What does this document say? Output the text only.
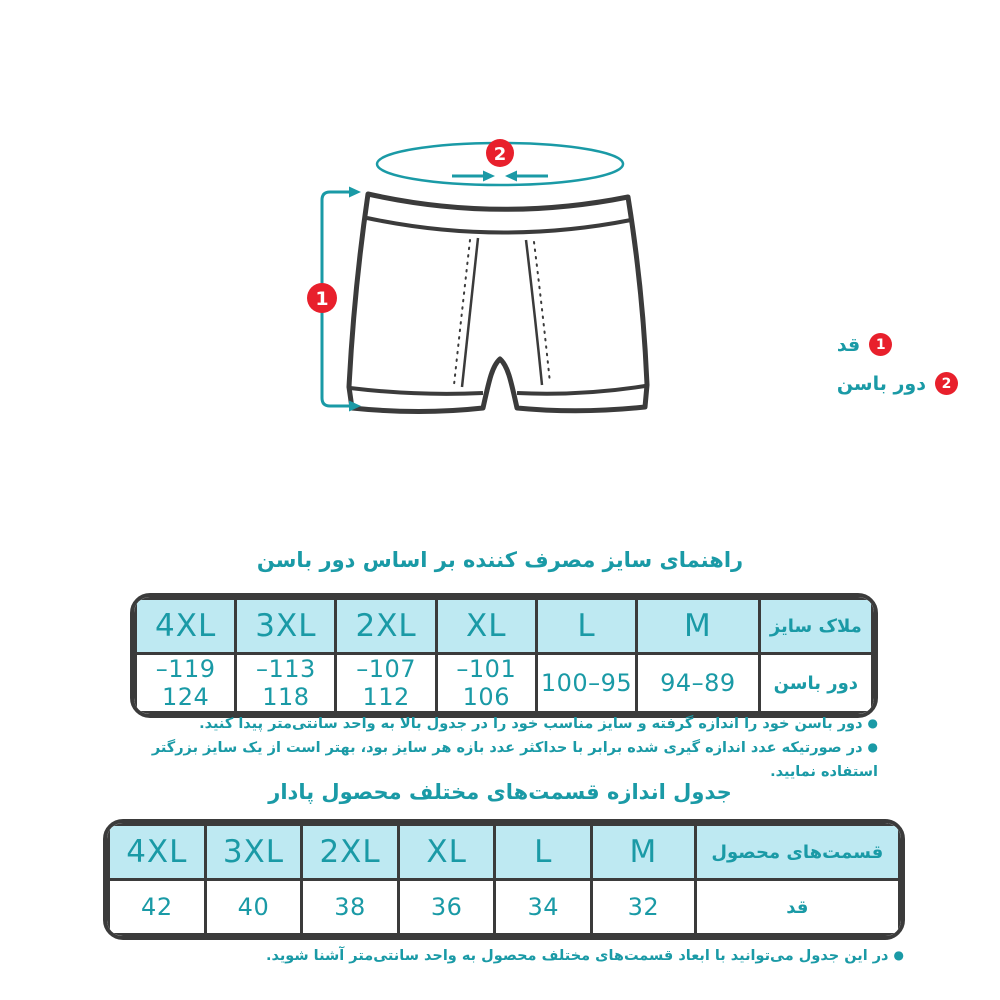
1
2
1
قد
2
دور باسن
راهنمای سایز مصرف کننده بر اساس دور باسن
ملاک سایز	M	L	XL	2XL	3XL	4XL
دور باسن	89–94	95–100	101–106	107–112	113–118	119–124
●دور باسن خود را اندازه گرفته و سایز مناسب خود را در جدول بالا به واحد سانتی‌متر پیدا کنید.
●در صورتیکه عدد اندازه گیری شده برابر با حداکثر عدد بازه هر سایز بود، بهتر است از یک سایز بزرگتر استفاده نمایید.
جدول اندازه قسمت‌های مختلف محصول پادار
قسمت‌های محصول	M	L	XL	2XL	3XL	4XL
قد	32	34	36	38	40	42
●در این جدول می‌توانید با ابعاد قسمت‌های مختلف محصول به واحد سانتی‌متر آشنا شوید.
